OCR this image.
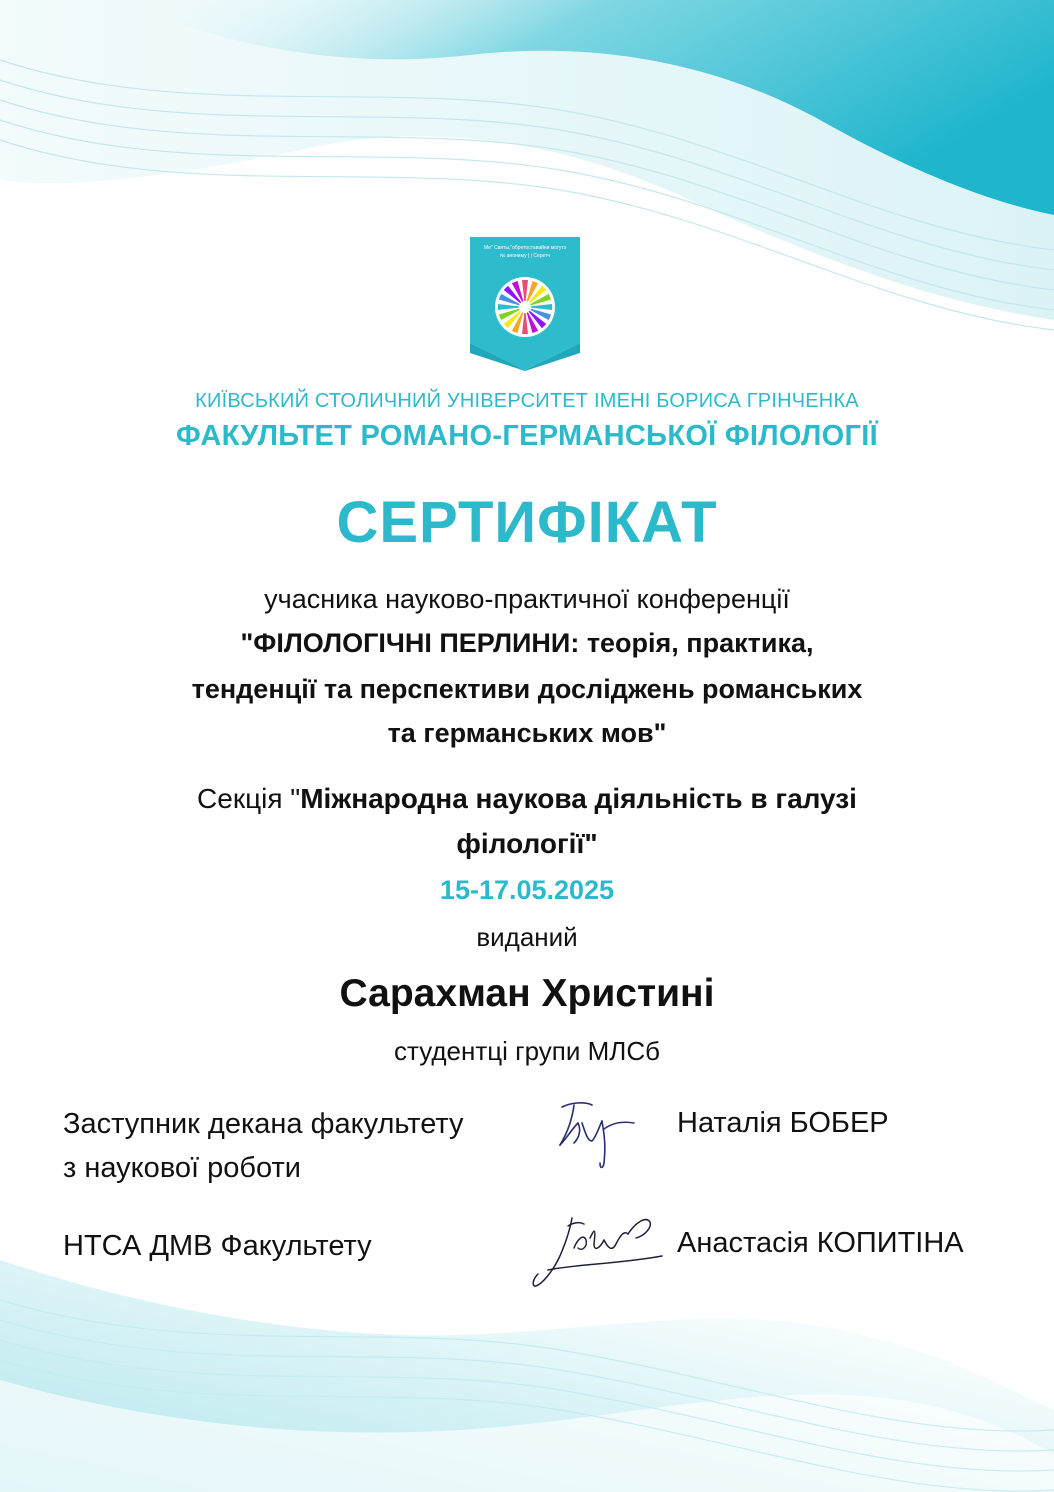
Ме" Святы,"обретоставайни могутз
№ анониму | | Серетч
КИЇВСЬКИЙ СТОЛИЧНИЙ УНІВЕРСИТЕТ ІМЕНІ БОРИСА ГРІНЧЕНКА
ФАКУЛЬТЕТ РОМАНО-ГЕРМАНСЬКОЇ ФІЛОЛОГІЇ
СЕРТИФІКАТ
учасника науково-практичної конференції
"ФІЛОЛОГІЧНІ ПЕРЛИНИ: теорія, практика,
тенденції та перспективи досліджень романських
та германських мов"
Секція "Міжнародна наукова діяльність в галузі
філології"
15-17.05.2025
виданий
Сарахман Христині
студентці групи МЛСб
Заступник декана факультету
з наукової роботи
Наталія БОБЕР
НТСА ДМВ Факультету	Анастасія КОПИТІНА
